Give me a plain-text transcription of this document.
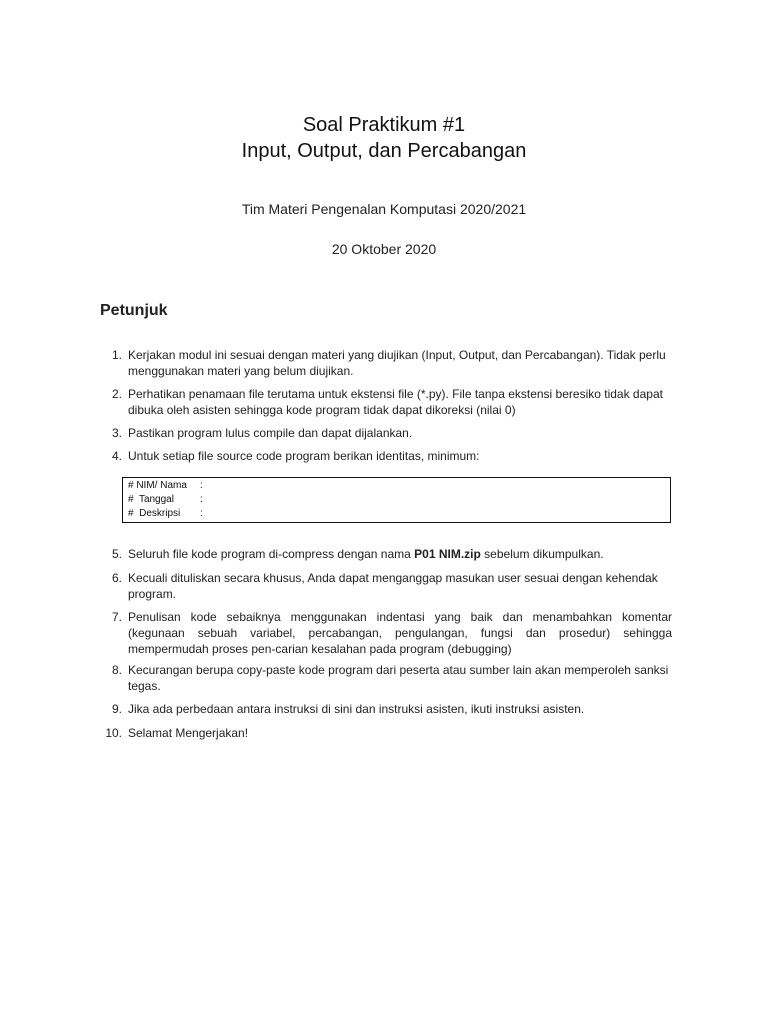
Soal Praktikum #1
Input, Output, dan Percabangan
Tim Materi Pengenalan Komputasi 2020/2021
20 Oktober 2020
Petunjuk
1. Kerjakan modul ini sesuai dengan materi yang diujikan (Input, Output, dan Percabangan). Tidak perlu menggunakan materi yang belum diujikan.
2. Perhatikan penamaan file terutama untuk ekstensi file (*.py). File tanpa ekstensi beresiko tidak dapat dibuka oleh asisten sehingga kode program tidak dapat dikoreksi (nilai 0)
3. Pastikan program lulus compile dan dapat dijalankan.
4. Untuk setiap file source code program berikan identitas, minimum:
# NIM/ Nama :
#  Tanggal	:
#  Deskripsi :
5. Seluruh file kode program di-compress dengan nama P01 NIM.zip sebelum dikumpulkan.
6. Kecuali dituliskan secara khusus, Anda dapat menganggap masukan user sesuai dengan kehendak program.
7. Penulisan kode sebaiknya menggunakan indentasi yang baik dan menambahkan komentar (kegunaan sebuah variabel, percabangan, pengulangan, fungsi dan prosedur) sehingga mempermudah proses pen-carian kesalahan pada program (debugging)
8. Kecurangan berupa copy-paste kode program dari peserta atau sumber lain akan memperoleh sanksi tegas.
9. Jika ada perbedaan antara instruksi di sini dan instruksi asisten, ikuti instruksi asisten.
10. Selamat Mengerjakan!
